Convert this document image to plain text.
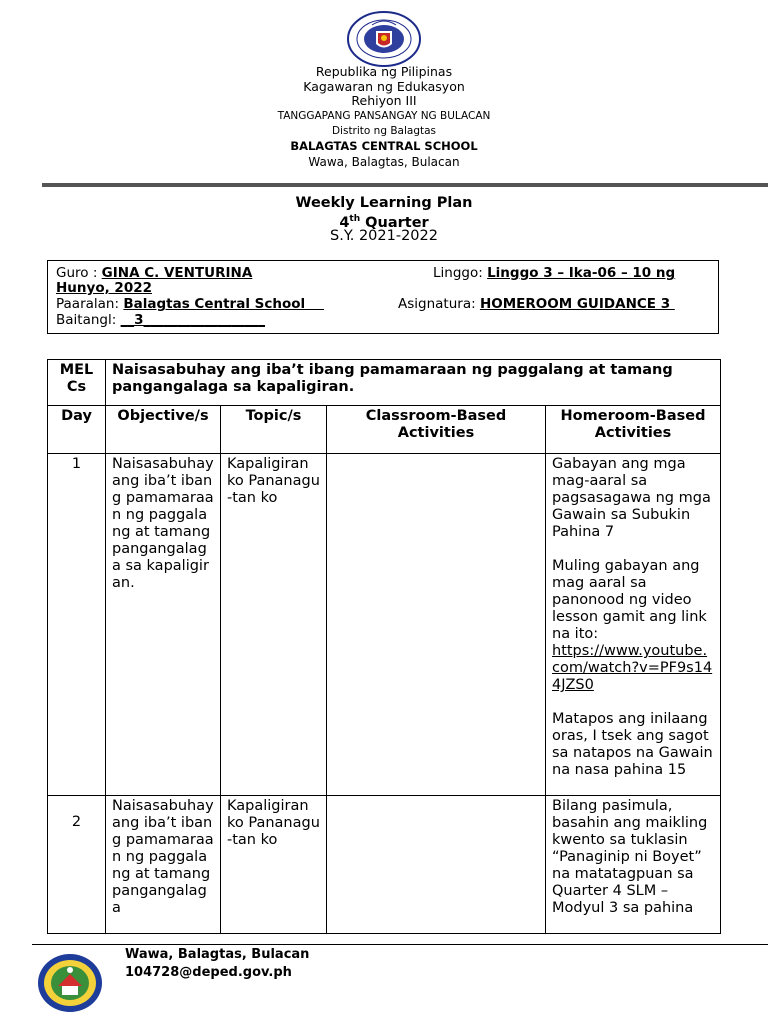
Republika ng Pilipinas
Kagawaran ng Edukasyon
Rehiyon III
TANGGAPANG PANSANGAY NG BULACAN
Distrito ng Balagtas
BALAGTAS CENTRAL SCHOOL
Wawa, Balagtas, Bulacan
Weekly Learning Plan
4th Quarter
S.Y. 2021-2022
Guro : GINA C. VENTURINA	Linggo: Linggo 3 – Ika-06 – 10 ng
Hunyo, 2022
Paaralan: Balagtas Central School	Asignatura: HOMEROOM GUIDANCE 3
Baitangl: __3__________________
MELCs	Naisasabuhay ang iba’t ibang pamamaraan ng paggalang at tamang pangangalaga sa kapaligiran.			
Day	Objective/s	Topic/s	Classroom-Based Activities	Homeroom-Based Activities
1	Naisasabuhay ang iba’t ibang pamamaraan ng paggalang at tamang pangangalaga sa kapaligiran.	Kapaligiran ko Pananagu-tan ko		Gabayan ang mga mag-aaral sa pagsasagawa ng mga Gawain sa Subukin Pahina 7
Muling gabayan ang mag aaral sa panonood ng video lesson gamit ang link na ito:
https://www.youtube.com/watch?v=PF9s144JZS0
Matapos ang inilaang oras, I tsek ang sagot sa natapos na Gawain na nasa pahina 15

2	Naisasabuhay ang iba’t ibang pamamaraan ng paggalang at tamang pangangalaga	Kapaligiran ko Pananagu-tan ko		Bilang pasimula, basahin ang maikling kwento sa tuklasin “Panaginip ni Boyet” na matatagpuan sa Quarter 4 SLM – Modyul 3 sa pahina
Wawa, Balagtas, Bulacan
104728@deped.gov.ph
